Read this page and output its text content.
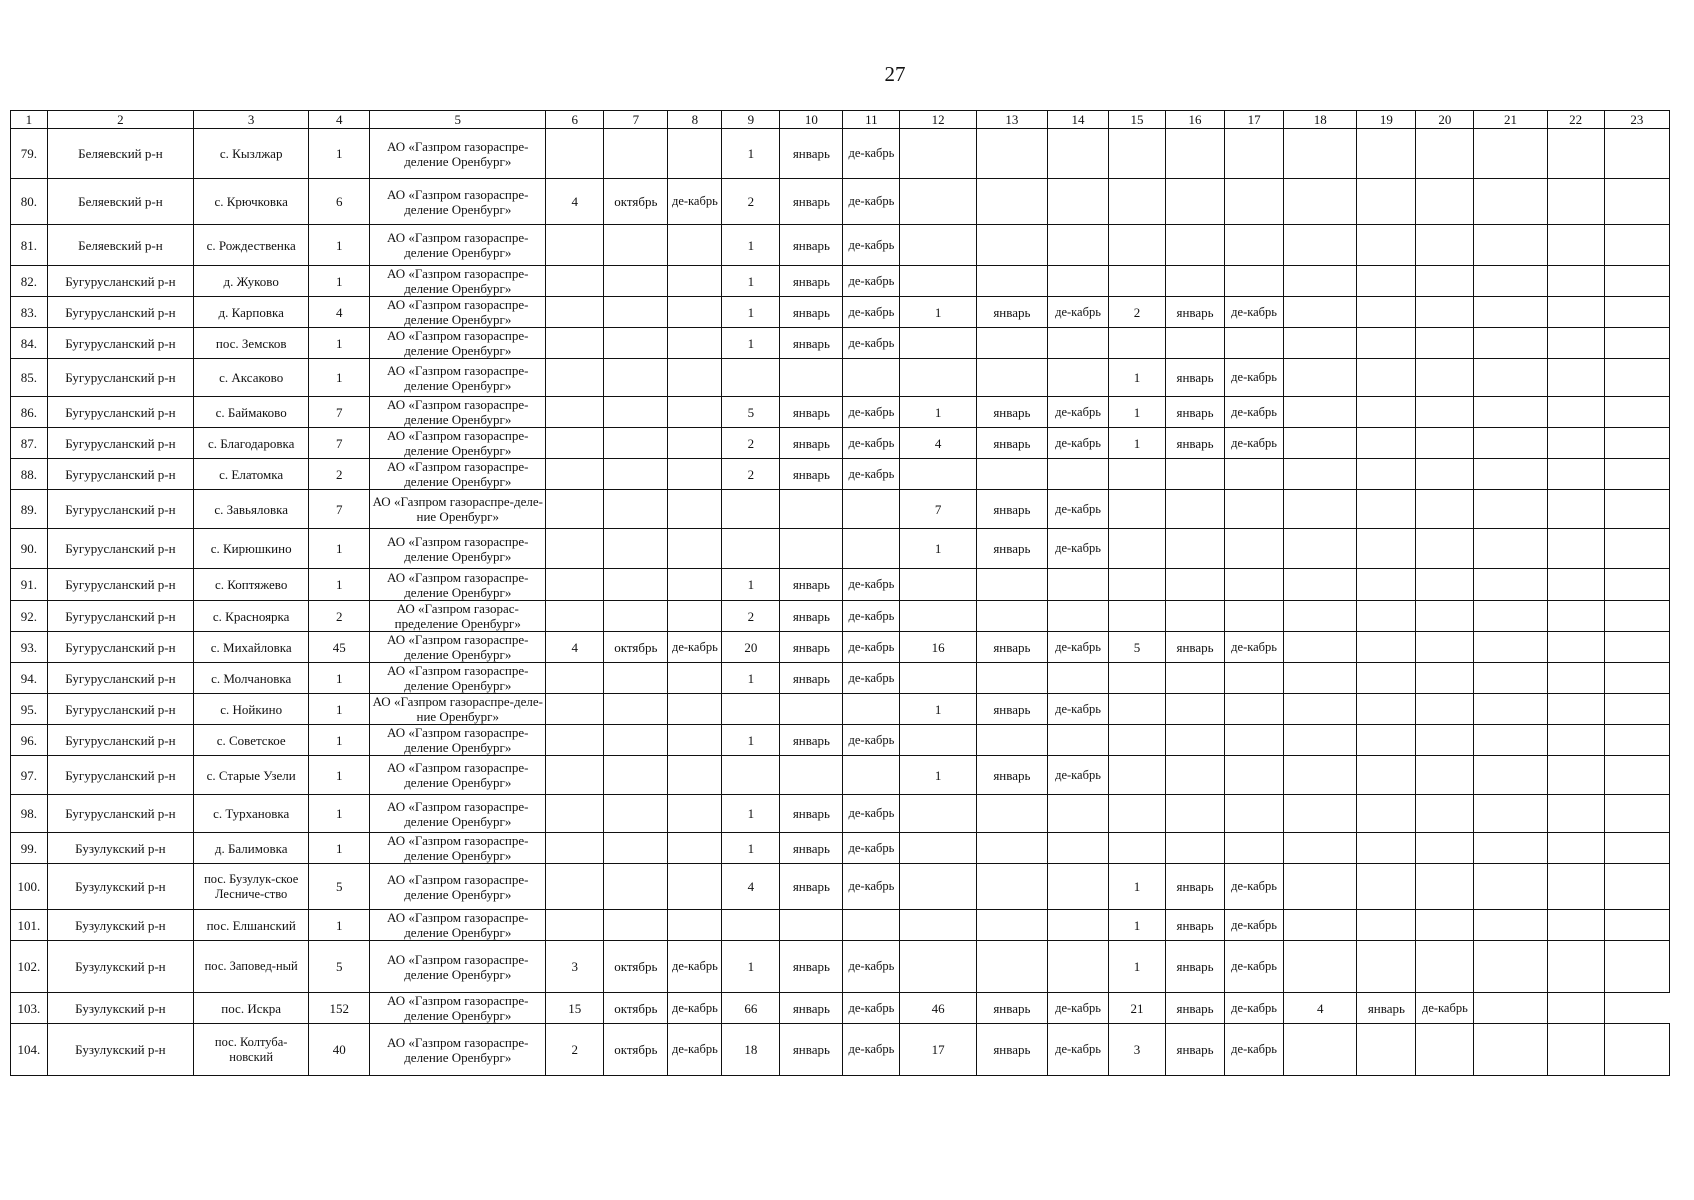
27
1	2	3	4	5	6	7	8	9	10	11	12	13	14	15	16	17	18	19	20	21	22	23
79.	Беляевский р-н	с. Кызлжар	1	АО «Газпром газораспре-деление Оренбург»				1	январь	де-кабрь												
80.	Беляевский р-н	с. Крючковка	6	АО «Газпром газораспре-деление Оренбург»	4	октябрь	де-кабрь	2	январь	де-кабрь												
81.	Беляевский р-н	с. Рождественка	1	АО «Газпром газораспре-деление Оренбург»				1	январь	де-кабрь												
82.	Бугурусланский р-н	д. Жуково	1	АО «Газпром газораспре-деление Оренбург»				1	январь	де-кабрь												
83.	Бугурусланский р-н	д. Карповка	4	АО «Газпром газораспре-деление Оренбург»				1	январь	де-кабрь	1	январь	де-кабрь	2	январь	де-кабрь						
84.	Бугурусланский р-н	пос. Земсков	1	АО «Газпром газораспре-деление Оренбург»				1	январь	де-кабрь												
85.	Бугурусланский р-н	с. Аксаково	1	АО «Газпром газораспре-деление Оренбург»										1	январь	де-кабрь						
86.	Бугурусланский р-н	с. Баймаково	7	АО «Газпром газораспре-деление Оренбург»				5	январь	де-кабрь	1	январь	де-кабрь	1	январь	де-кабрь						
87.	Бугурусланский р-н	с. Благодаровка	7	АО «Газпром газораспре-деление Оренбург»				2	январь	де-кабрь	4	январь	де-кабрь	1	январь	де-кабрь						
88.	Бугурусланский р-н	с. Елатомка	2	АО «Газпром газораспре-деление Оренбург»				2	январь	де-кабрь												
89.	Бугурусланский р-н	с. Завьяловка	7	АО «Газпром газораспре-деле-ние Оренбург»							7	январь	де-кабрь									
90.	Бугурусланский р-н	с. Кирюшкино	1	АО «Газпром газораспре-деление Оренбург»							1	январь	де-кабрь									
91.	Бугурусланский р-н	с. Коптяжево	1	АО «Газпром газораспре-деление Оренбург»				1	январь	де-кабрь												
92.	Бугурусланский р-н	с. Краснояpка	2	АО «Газпром газорас-пределение Оренбург»				2	январь	де-кабрь												
93.	Бугурусланский р-н	с. Михайловка	45	АО «Газпром газораспре-деление Оренбург»	4	октябрь	де-кабрь	20	январь	де-кабрь	16	январь	де-кабрь	5	январь	де-кабрь						
94.	Бугурусланский р-н	с. Молчановка	1	АО «Газпром газораспре-деление Оренбург»				1	январь	де-кабрь												
95.	Бугурусланский р-н	с. Нойкино	1	АО «Газпром газораспре-деле-ние Оренбург»							1	январь	де-кабрь									
96.	Бугурусланский р-н	с. Советское	1	АО «Газпром газораспре-деление Оренбург»				1	январь	де-кабрь												
97.	Бугурусланский р-н	с. Старые Узели	1	АО «Газпром газораспре-деление Оренбург»							1	январь	де-кабрь									
98.	Бугурусланский р-н	с. Турхановка	1	АО «Газпром газораспре-деление Оренбург»				1	январь	де-кабрь												
99.	Бузулукский р-н	д. Балимовка	1	АО «Газпром газораспре-деление Оренбург»				1	январь	де-кабрь												
100.	Бузулукский р-н	пос. Бузулук-ское Лесниче-ство	5	АО «Газпром газораспре-деление Оренбург»				4	январь	де-кабрь				1	январь	де-кабрь						
101.	Бузулукский р-н	пос. Елшанский	1	АО «Газпром газораспре-деление Оренбург»										1	январь	де-кабрь						
102.	Бузулукский р-н	пос. Заповед-ный	5	АО «Газпром газораспре-деление Оренбург»	3	октябрь	де-кабрь	1	январь	де-кабрь				1	январь	де-кабрь						
103.	Бузулукский р-н	пос. Искра	152	АО «Газпром газораспре-деление Оренбург»	15	октябрь	де-кабрь	66	январь	де-кабрь	46	январь	де-кабрь	21	январь	де-кабрь	4	январь	де-кабрь			
104.	Бузулукский р-н	пос. Колтуба-новский	40	АО «Газпром газораспре-деление Оренбург»	2	октябрь	де-кабрь	18	январь	де-кабрь	17	январь	де-кабрь	3	январь	де-кабрь						
